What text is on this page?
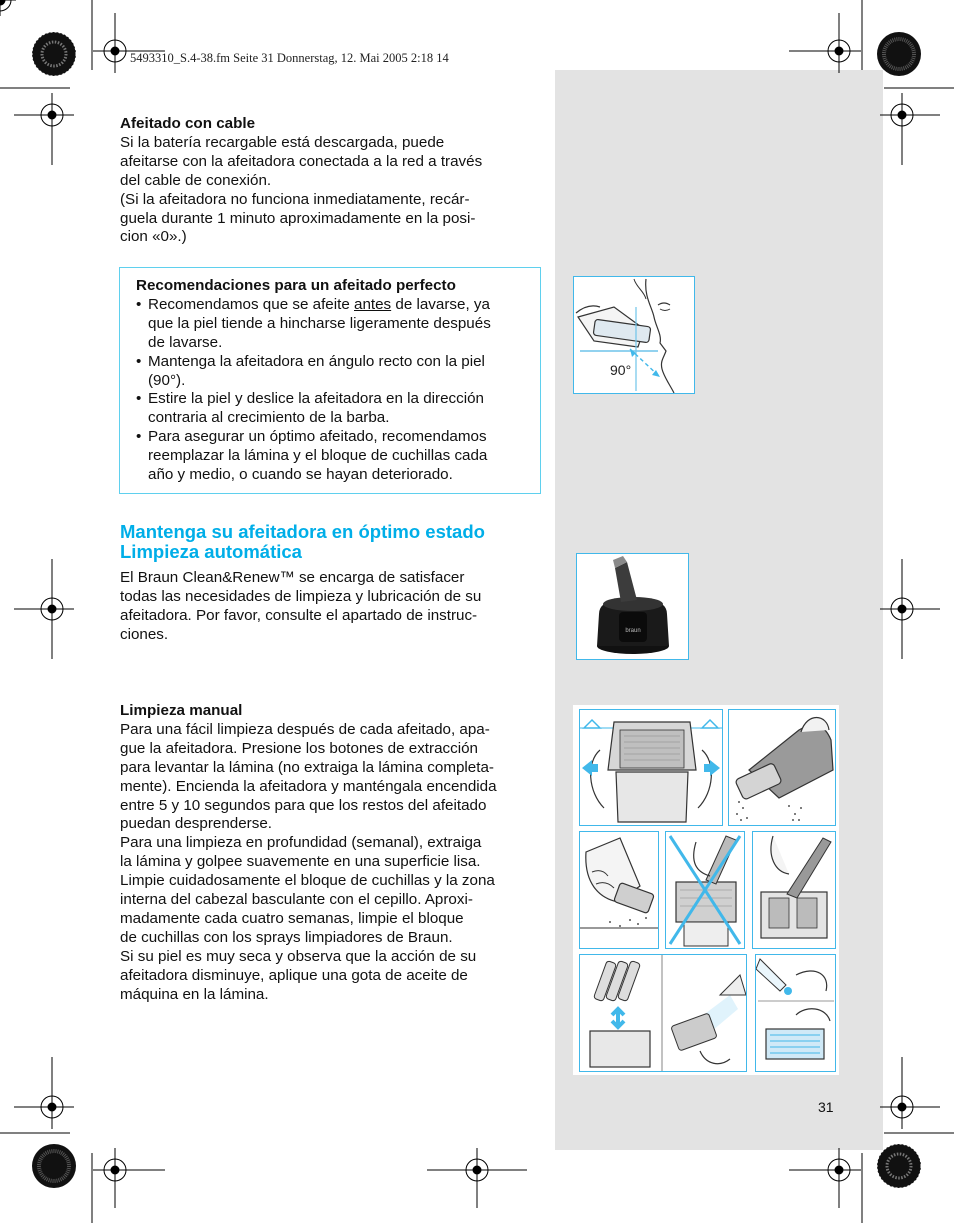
5493310_S.4-38.fm Seite 31 Donnerstag, 12. Mai 2005 2:18 14

Afeitado con cable

Si la batería recargable está descargada, puede

afeitarse con la afeitadora conectada a la red a través

del cable de conexión.

(Si la afeitadora no funciona inmediatamente, recár-

guela durante 1 minuto aproximadamente en la posi-

cion «0».)

Recomendaciones para un afeitado perfecto

• Recomendamos que se afeite antes de lavarse, ya
que la piel tiende a hincharse ligeramente después
de lavarse.
• Mantenga la afeitadora en ángulo recto con la piel
(90°).
• Estire la piel y deslice la afeitadora en la dirección
contraria al crecimiento de la barba.
• Para asegurar un óptimo afeitado, recomendamos
reemplazar la lámina y el bloque de cuchillas cada
año y medio, o cuando se hayan deteriorado.
Mantenga su afeitadora en óptimo estado
Limpieza automática

El Braun Clean&Renew™ se encarga de satisfacer

todas las necesidades de limpieza y lubricación de su

afeitadora. Por favor, consulte el apartado de instruc-

ciones.

Limpieza manual

Para una fácil limpieza después de cada afeitado, apa-

gue la afeitadora. Presione los botones de extracción

para levantar la lámina (no extraiga la lámina completa-

mente). Encienda la afeitadora y manténgala encendida

entre 5 y 10 segundos para que los restos del afeitado

puedan desprenderse.

Para una limpieza en profundidad (semanal), extraiga

la lámina y golpee suavemente en una superficie lisa.

Limpie cuidadosamente el bloque de cuchillas y la zona

interna del cabezal basculante con el cepillo. Aproxi-

madamente cada cuatro semanas, limpie el bloque

de cuchillas con los sprays limpiadores de Braun.

Si su piel es muy seca y observa que la acción de su

afeitadora disminuye, aplique una gota de aceite de

máquina en la lámina.

90°
braun
31
